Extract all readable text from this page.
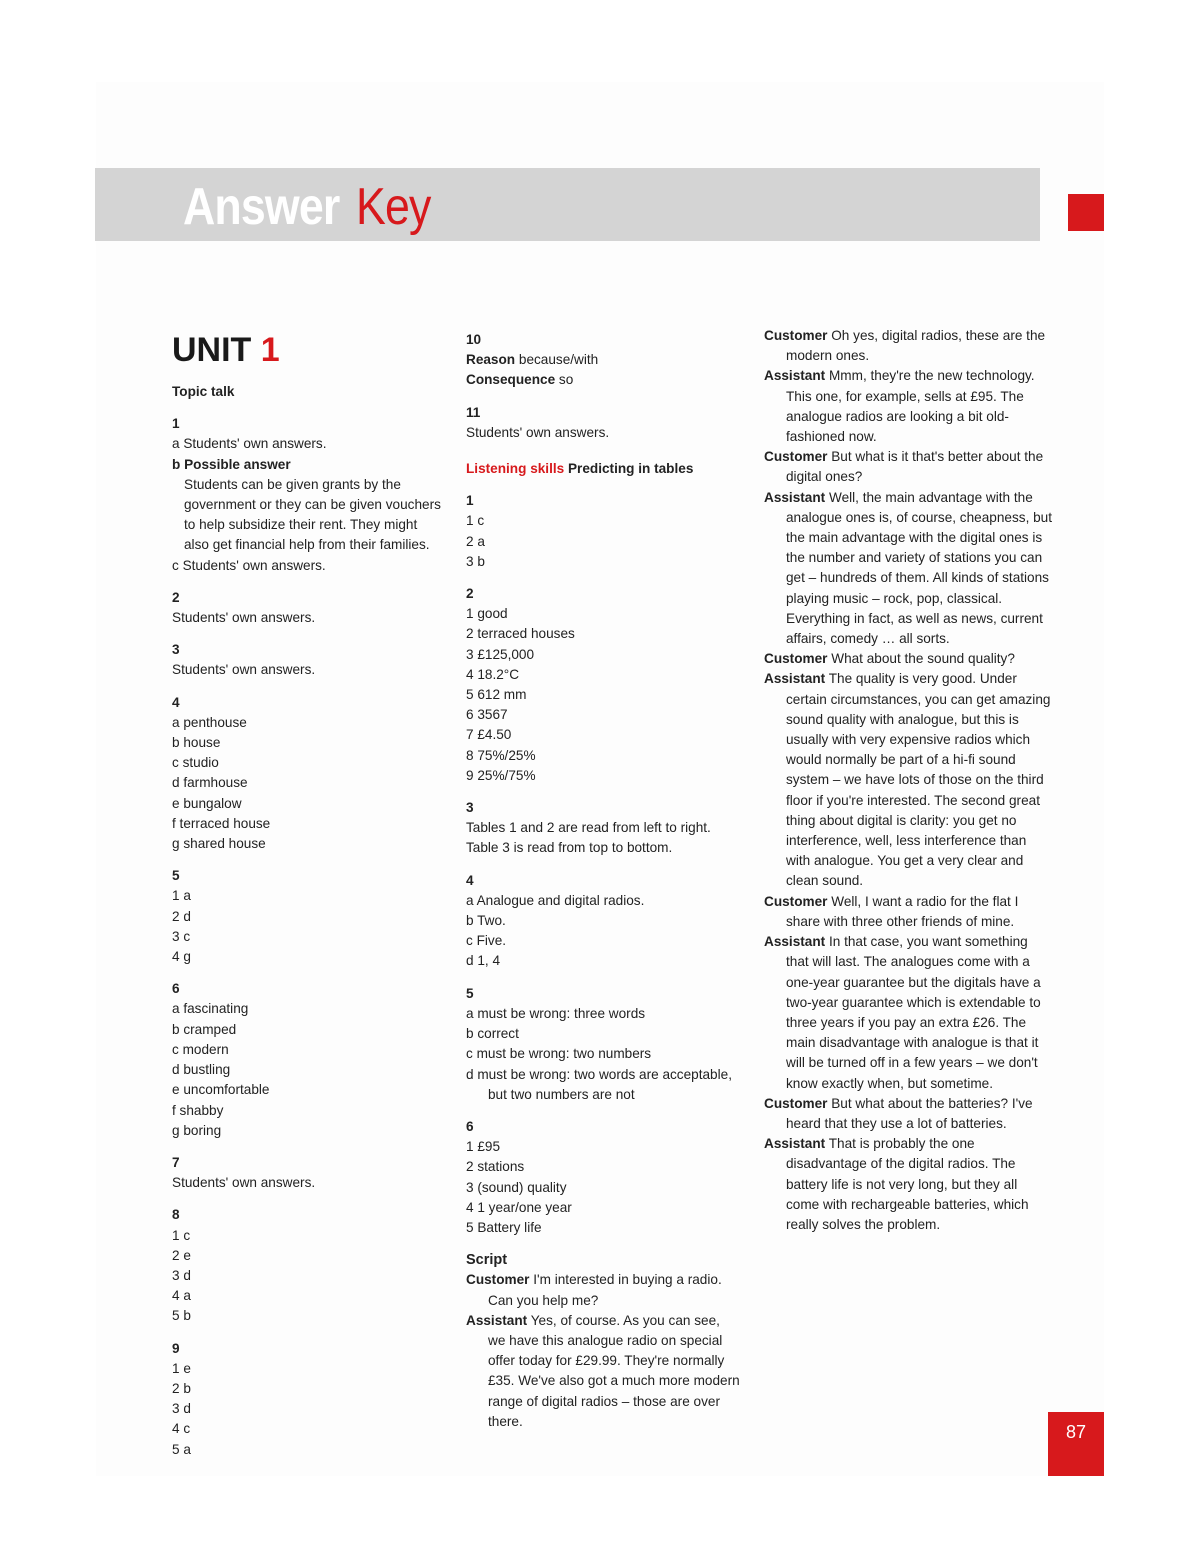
Answer Key
UNIT 1
Topic talk
1
a Students' own answers.
b Possible answer
Students can be given grants by the government or they can be given vouchers to help subsidize their rent. They might also get financial help from their families.
c Students' own answers.
2
Students' own answers.
3
Students' own answers.
4
a penthouse
b house
c studio
d farmhouse
e bungalow
f terraced house
g shared house
5
1 a
2 d
3 c
4 g
6
a fascinating
b cramped
c modern
d bustling
e uncomfortable
f shabby
g boring
7
Students' own answers.
8
1 c
2 e
3 d
4 a
5 b
9
1 e
2 b
3 d
4 c
5 a
10
Reason because/with
Consequence so
11
Students' own answers.
Listening skills Predicting in tables
1
1 c
2 a
3 b
2
1 good
2 terraced houses
3 £125,000
4 18.2°C
5 612 mm
6 3567
7 £4.50
8 75%/25%
9 25%/75%
3
Tables 1 and 2 are read from left to right. Table 3 is read from top to bottom.
4
a Analogue and digital radios.
b Two.
c Five.
d 1, 4
5
a must be wrong: three words
b correct
c must be wrong: two numbers
d must be wrong: two words are acceptable, but two numbers are not
6
1 £95
2 stations
3 (sound) quality
4 1 year/one year
5 Battery life
Script
Customer I'm interested in buying a radio. Can you help me?
Assistant Yes, of course. As you can see, we have this analogue radio on special offer today for £29.99. They're normally £35. We've also got a much more modern range of digital radios – those are over there.
Customer Oh yes, digital radios, these are the modern ones.
Assistant Mmm, they're the new technology. This one, for example, sells at £95. The analogue radios are looking a bit old-fashioned now.
Customer But what is it that's better about the digital ones?
Assistant Well, the main advantage with the analogue ones is, of course, cheapness, but the main advantage with the digital ones is the number and variety of stations you can get – hundreds of them. All kinds of stations playing music – rock, pop, classical. Everything in fact, as well as news, current affairs, comedy … all sorts.
Customer What about the sound quality?
Assistant The quality is very good. Under certain circumstances, you can get amazing sound quality with analogue, but this is usually with very expensive radios which would normally be part of a hi-fi sound system – we have lots of those on the third floor if you're interested. The second great thing about digital is clarity: you get no interference, well, less interference than with analogue. You get a very clear and clean sound.
Customer Well, I want a radio for the flat I share with three other friends of mine.
Assistant In that case, you want something that will last. The analogues come with a one-year guarantee but the digitals have a two-year guarantee which is extendable to three years if you pay an extra £26. The main disadvantage with analogue is that it will be turned off in a few years – we don't know exactly when, but sometime.
Customer But what about the batteries? I've heard that they use a lot of batteries.
Assistant That is probably the one disadvantage of the digital radios. The battery life is not very long, but they all come with rechargeable batteries, which really solves the problem.
87
